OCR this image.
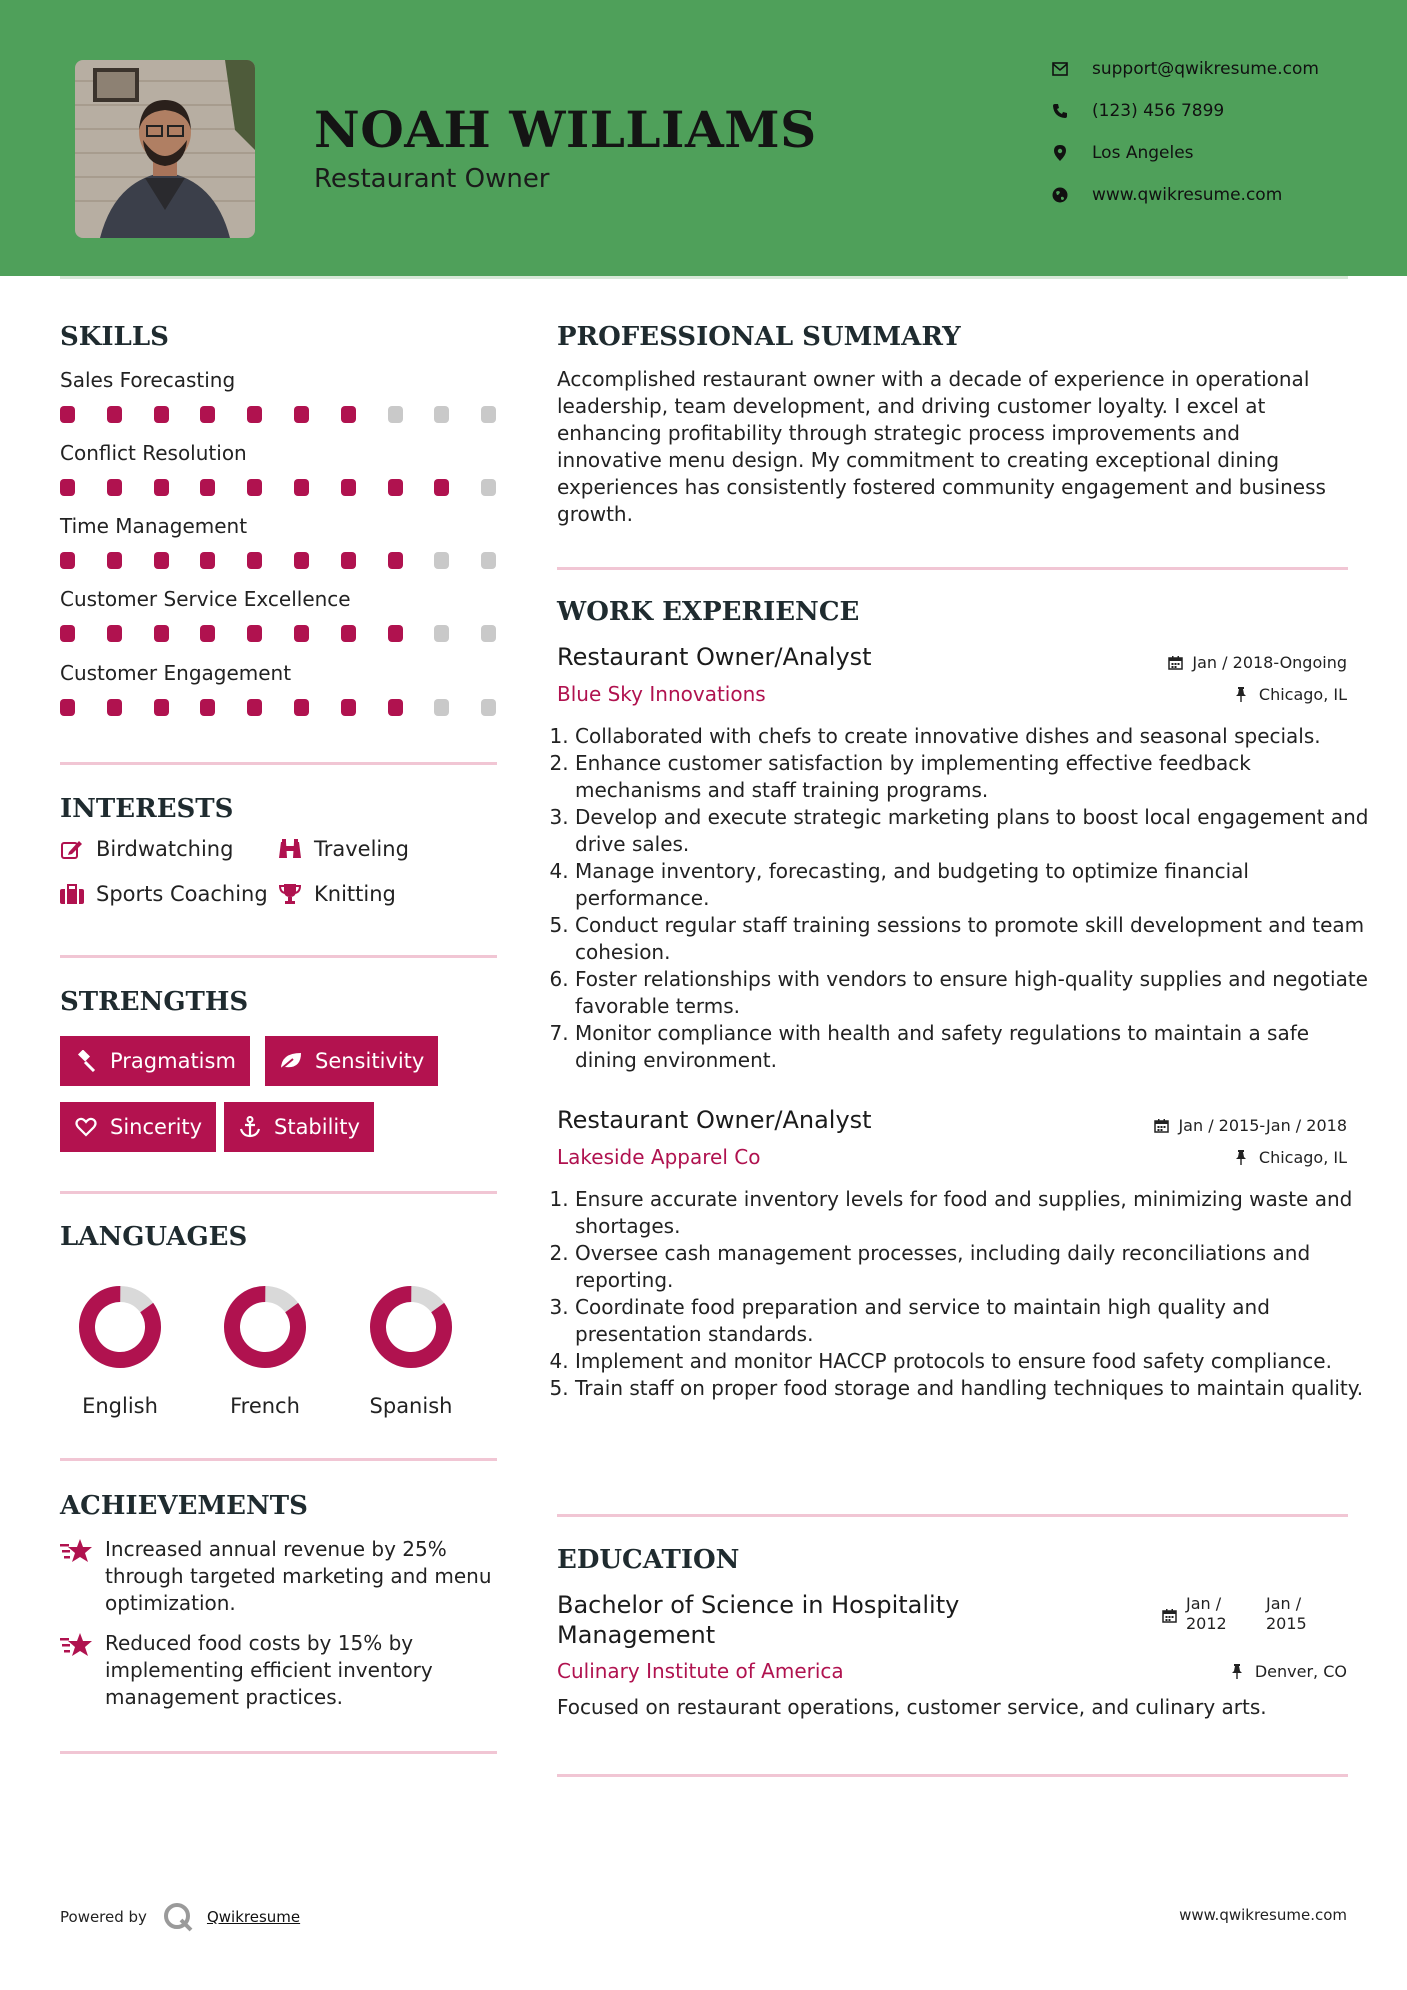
NOAH WILLIAMS
Restaurant Owner
support@qwikresume.com
(123) 456 7899
Los Angeles
www.qwikresume.com
SKILLS
Sales Forecasting
Conflict Resolution
Time Management
Customer Service Excellence
Customer Engagement
INTERESTS
Birdwatching	Traveling
Sports Coaching Knitting
STRENGTHS
Pragmatism	Sensitivity
Sincerity	Stability
LANGUAGES
English	French	Spanish
ACHIEVEMENTS
Increased annual revenue by 25% through targeted marketing and menu optimization.
Reduced food costs by 15% by implementing efficient inventory management practices.
PROFESSIONAL SUMMARY
Accomplished restaurant owner with a decade of experience in operational leadership, team development, and driving customer loyalty. I excel at enhancing profitability through strategic process improvements and innovative menu design. My commitment to creating exceptional dining experiences has consistently fostered community engagement and business growth.
WORK EXPERIENCE
Restaurant Owner/Analyst	Jan / 2018-Ongoing
Blue Sky Innovations	Chicago, IL
1. Collaborated with chefs to create innovative dishes and seasonal specials.
2. Enhance customer satisfaction by implementing effective feedback mechanisms and staff training programs.
3. Develop and execute strategic marketing plans to boost local engagement and drive sales.
4. Manage inventory, forecasting, and budgeting to optimize financial performance.
5. Conduct regular staff training sessions to promote skill development and team cohesion.
6. Foster relationships with vendors to ensure high-quality supplies and negotiate favorable terms.
7. Monitor compliance with health and safety regulations to maintain a safe dining environment.
Restaurant Owner/Analyst	Jan / 2015-Jan / 2018
Lakeside Apparel Co	Chicago, IL
1. Ensure accurate inventory levels for food and supplies, minimizing waste and shortages.
2. Oversee cash management processes, including daily reconciliations and reporting.
3. Coordinate food preparation and service to maintain high quality and presentation standards.
4. Implement and monitor HACCP protocols to ensure food safety compliance.
5. Train staff on proper food storage and handling techniques to maintain quality.
EDUCATION
Bachelor of Science in Hospitality Management
Jan / 2012
Jan / 2015
Culinary Institute of America	Denver, CO
Focused on restaurant operations, customer service, and culinary arts.
Powered by	Qwikresume	www.qwikresume.com
